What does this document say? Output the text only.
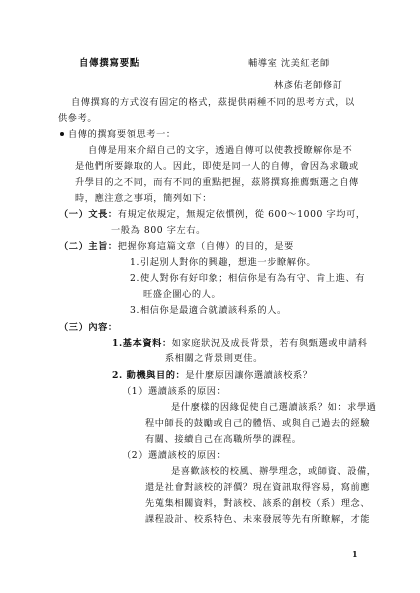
自傳撰寫要點	輔導室 沈美紅老師
林彥佑老師修訂
自傳撰寫的方式沒有固定的格式，茲提供兩種不同的思考方式，以
供參考。
自傳的撰寫要領思考一：
自傳是用來介紹自己的文字，透過自傳可以使教授瞭解你是不
是他們所要錄取的人。因此，即使是同一人的自傳，會因為求職或
升學目的之不同，而有不同的重點把握，茲將撰寫推薦甄選之自傳
時，應注意之事項，簡列如下：
（一）文長：有規定依規定，無規定依慣例，從 600～1000 字均可，
一般為 800 字左右。
（二）主旨：把握你寫這篇文章（自傳）的目的，是要
1.引起別人對你的興趣，想進一步瞭解你。
2.使人對你有好印象；相信你是有為有守、肯上進、有
旺盛企圖心的人。
3.相信你是最適合就讀該科系的人。
（三）內容：
1.基本資料：如家庭狀況及成長背景，若有與甄選或申請科
系相關之背景則更佳。
2. 動機與目的：是什麼原因讓你選讀該校系？
（1）選讀該系的原因：
是什麼樣的因緣促使自己選讀該系？如：求學過
程中師長的鼓勵或自己的體悟、或與自己過去的經驗
有關、接續自己在高職所學的課程。
（2）選讀該校的原因：
是喜歡該校的校風、辦學理念，或師資、設備，
還是社會對該校的評價？現在資訊取得容易，寫前應
先蒐集相關資料，對該校、該系的創校（系）理念、
課程設計、校系特色、未來發展等先有所瞭解，才能
1
